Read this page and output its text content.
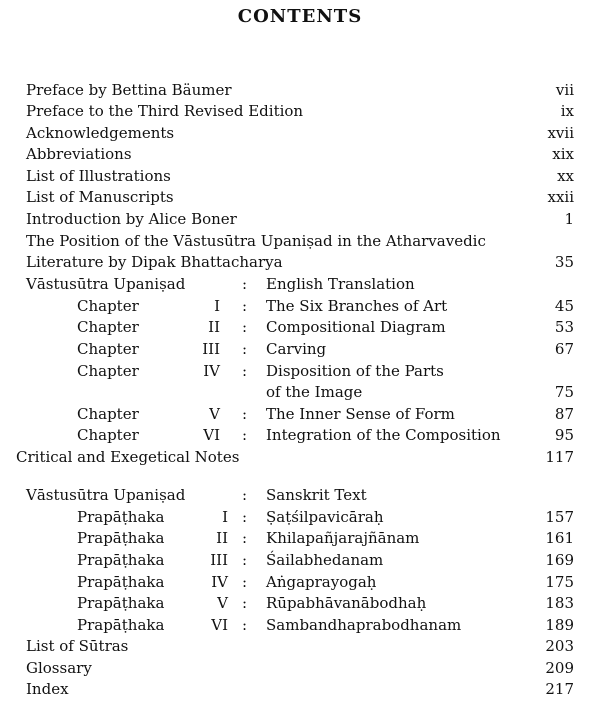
CONTENTS
Preface by Bettina Bäumer	vii
Preface to the Third Revised Edition	ix
Acknowledgements	xvii
Abbreviations	xix
List of Illustrations	xx
List of Manuscripts	xxii
Introduction by Alice Boner	1
The Position of the Vāstusūtra Upaniṣad in the Atharvavedic
Literature by Dipak Bhattacharya	35
Vāstusūtra Upaniṣad	: English Translation
Chapter	I : The Six Branches of Art	45
Chapter	II : Compositional Diagram	53
Chapter	III : Carving	67
Chapter	IV : Disposition of the Parts
of the Image	75
Chapter	V : The Inner Sense of Form	87
Chapter	VI : Integration of the Composition	95
Critical and Exegetical Notes	117
Vāstusūtra Upaniṣad	: Sanskrit Text
Prapāṭhaka	I : Ṣaṭśilpavicāraḥ	157
Prapāṭhaka	II : Khilapañjarajñānam	161
Prapāṭhaka	III : Śailabhedanam	169
Prapāṭhaka	IV : Aṅgaprayogaḥ	175
Prapāṭhaka	V : Rūpabhāvanābodhaḥ	183
Prapāṭhaka	VI : Sambandhaprabodhanam	189
List of Sūtras	203
Glossary	209
Index	217
